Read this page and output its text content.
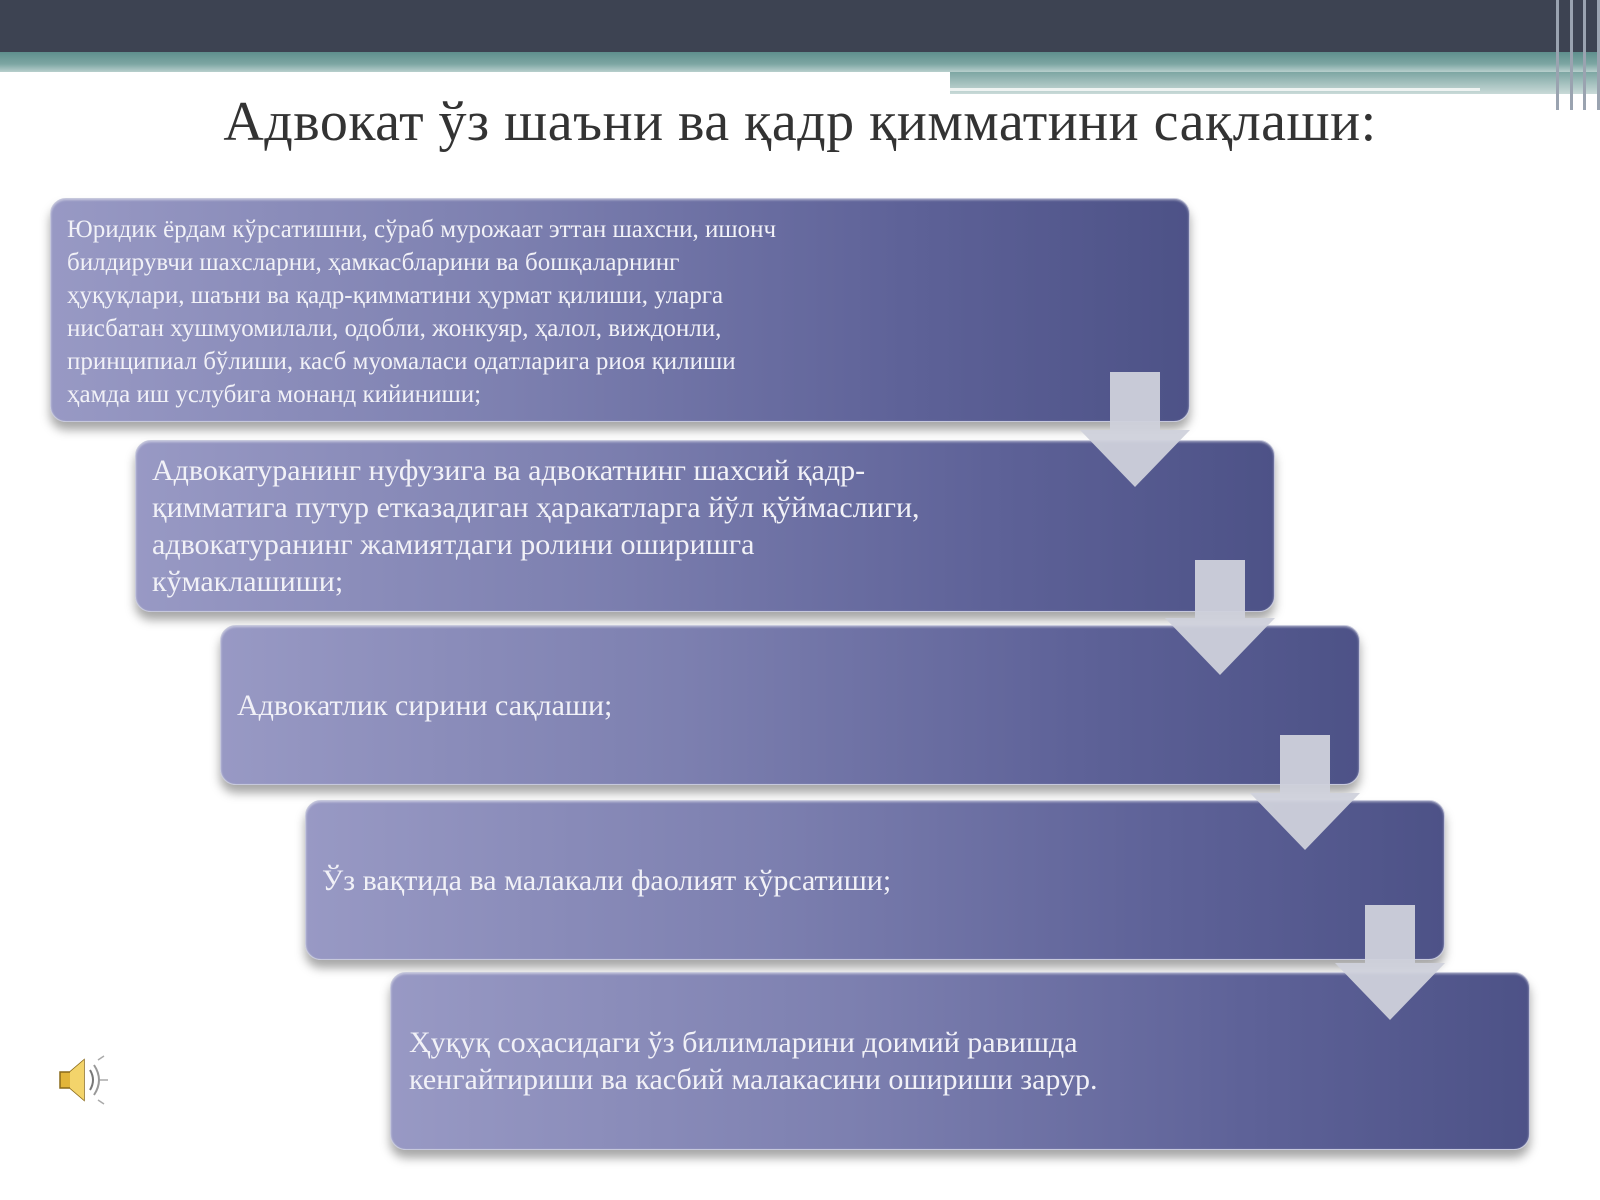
Адвокат ўз шаъни ва қадр қимматини сақлаши:

Юридик ёрдам кўрсатишни, сўраб мурожаат эттан шахсни, ишонч
билдирувчи шахсларни, ҳамкасбларини ва бошқаларнинг
ҳуқуқлари, шаъни ва қадр-қимматини ҳурмат қилиши, уларга
нисбатан хушмуомилали, одобли, жонкуяр, ҳалол, виждонли,
принципиал бўлиши, касб муомаласи одатларига риоя қилиши
ҳамда иш услубига монанд кийиниши;

Адвокатуранинг нуфузига ва адвокатнинг шахсий қадр-
қимматига путур етказадиган ҳаракатларга йўл қўймаслиги,
адвокатуранинг жамиятдаги ролини оширишга
кўмаклашиши;

Адвокатлик сирини сақлаши;

Ўз вақтида ва малакали фаолият кўрсатиши;

Ҳуқуқ соҳасидаги ўз билимларини доимий равишда
кенгайтириши ва касбий малакасини ошириши зарур.
